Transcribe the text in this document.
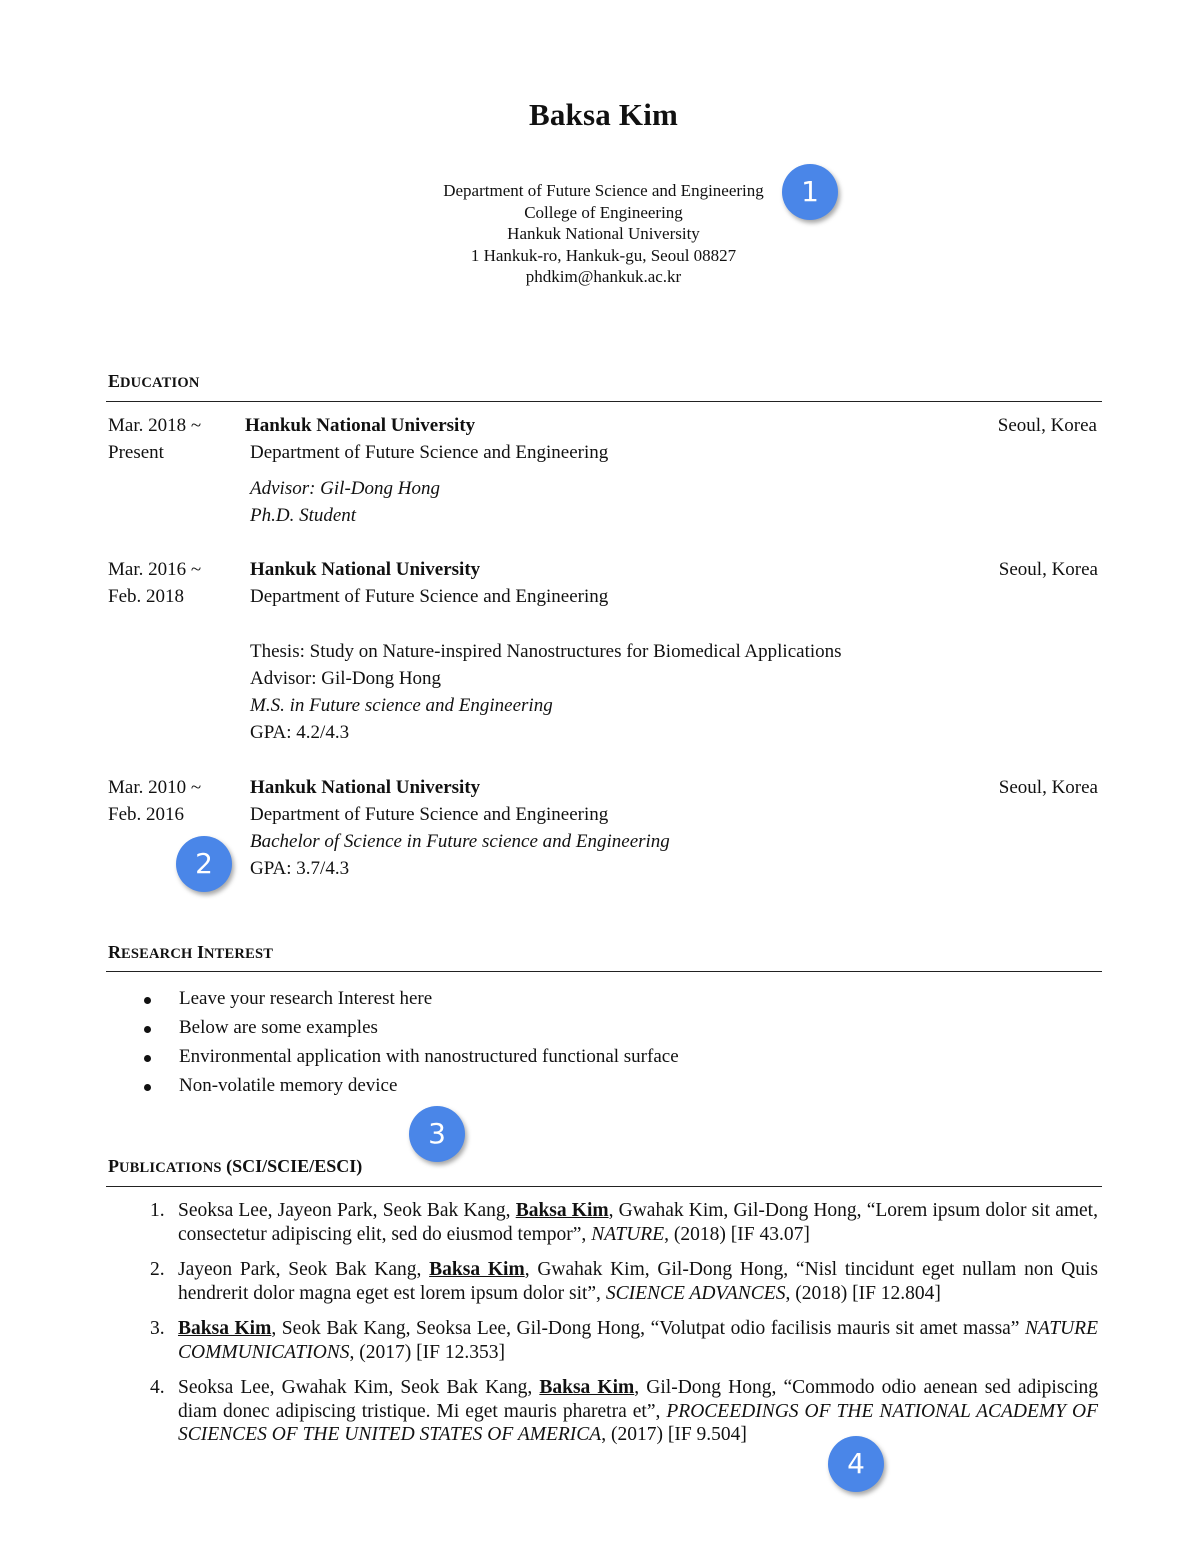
Baksa Kim
Department of Future Science and Engineering
College of Engineering
Hankuk National University
1 Hankuk-ro, Hankuk-gu, Seoul 08827
phdkim@hankuk.ac.kr
1
EDUCATION
Mar. 2018 ~
Present
Hankuk National University
Department of Future Science and Engineering
Advisor: Gil-Dong Hong
Ph.D. Student
Seoul, Korea
Mar. 2016 ~
Feb. 2018
Hankuk National University
Department of Future Science and Engineering
Thesis: Study on Nature-inspired Nanostructures for Biomedical Applications
Advisor: Gil-Dong Hong
M.S. in Future science and Engineering
GPA: 4.2/4.3
Seoul, Korea
Mar. 2010 ~
Feb. 2016
Hankuk National University
Department of Future Science and Engineering
Bachelor of Science in Future science and Engineering
GPA: 3.7/4.3
Seoul, Korea
2
RESEARCH INTEREST
Leave your research Interest here
Below are some examples
Environmental application with nanostructured functional surface
Non-volatile memory device
3
PUBLICATIONS (SCI/SCIE/ESCI)
1. Seoksa Lee, Jayeon Park, Seok Bak Kang, Baksa Kim, Gwahak Kim, Gil-Dong Hong, “Lorem ipsum dolor sit amet, consectetur adipiscing elit, sed do eiusmod tempor”, NATURE, (2018) [IF 43.07]
2. Jayeon Park, Seok Bak Kang, Baksa Kim, Gwahak Kim, Gil-Dong Hong, “Nisl tincidunt eget nullam non Quis hendrerit dolor magna eget est lorem ipsum dolor sit”, SCIENCE ADVANCES, (2018) [IF 12.804]
3. Baksa Kim, Seok Bak Kang, Seoksa Lee, Gil-Dong Hong, “Volutpat odio facilisis mauris sit amet massa” NATURE COMMUNICATIONS, (2017) [IF 12.353]
4. Seoksa Lee, Gwahak Kim, Seok Bak Kang, Baksa Kim, Gil-Dong Hong, “Commodo odio aenean sed adipiscing diam donec adipiscing tristique. Mi eget mauris pharetra et”, PROCEEDINGS OF THE NATIONAL ACADEMY OF SCIENCES OF THE UNITED STATES OF AMERICA, (2017) [IF 9.504]
4
